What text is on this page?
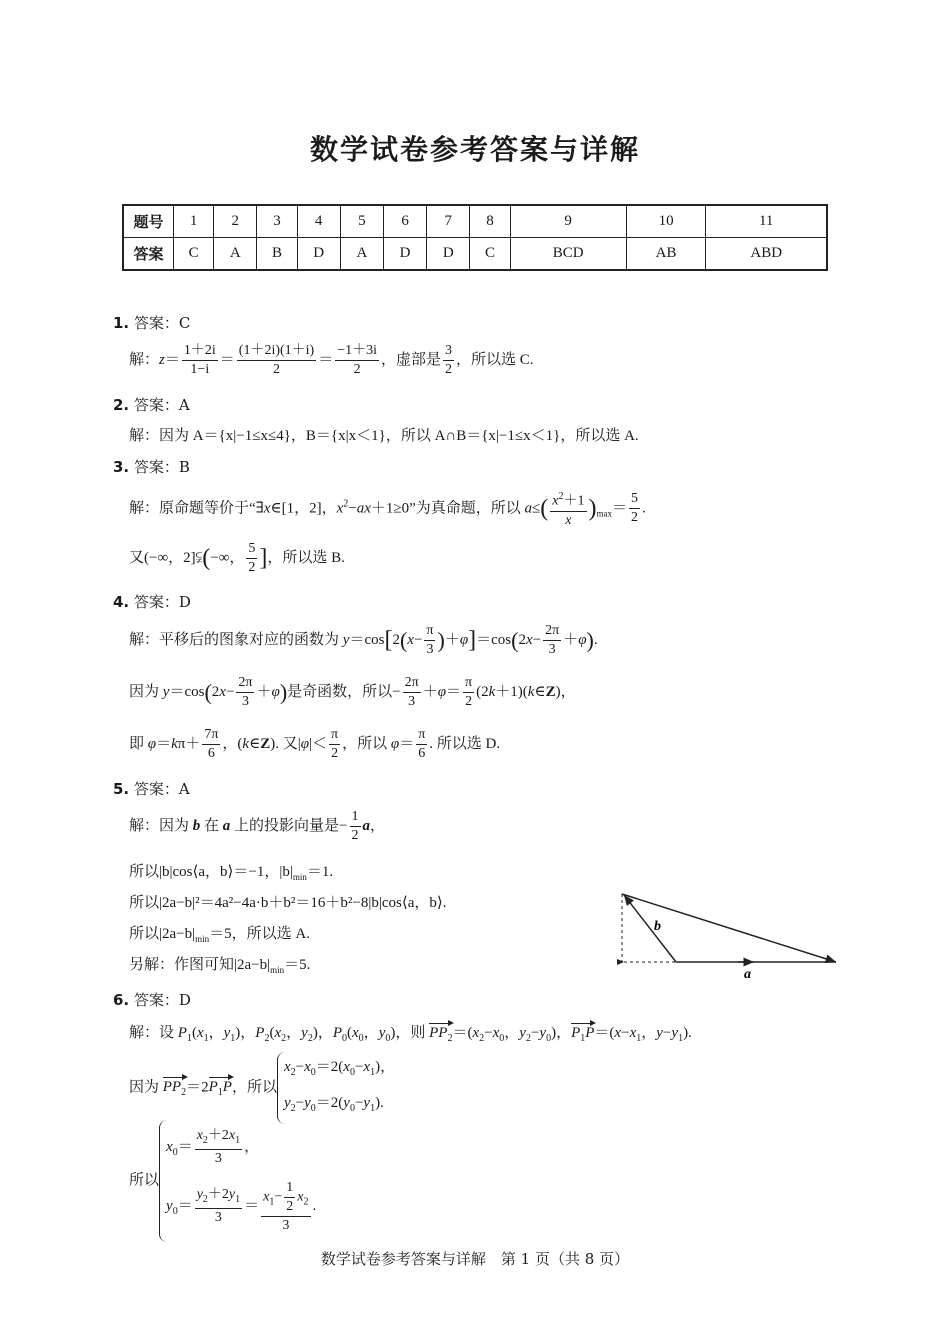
数学试卷参考答案与详解
题号	1	2	3	4	5	6	7	8	9	10	11
答案	C	A	B	D	A	D	D	C	BCD	AB	ABD
1. 答案：C
解：$z= \frac{1+2i}{1-i} = \frac{(1+2i)(1+i)}{2} = \frac{-1+3i}{2}$ ，虚部是 $\frac{3}{2}$ ，所以选 C.
2. 答案：A
解：因为 A＝{x|−1≤x≤4}，B＝{x|x＜1}，所以 A∩B＝{x|−1≤x＜1}，所以选 A.
3. 答案：B
解：原命题等价于“∃x∈[1，2]，$x^2-ax+1\ge 0$”为真命题，所以 $a\le( \frac{x^2+1}{x} )_{max}= \frac{5}{2}$ .
又(−∞，2]⫋(−∞， $\frac{5}{2}$ ]，所以选 B.
4. 答案：D
解：平移后的图象对应的函数为 $y=\cos[2(x- \frac{\pi}{3} )+\varphi]=\cos(2x- \frac{2\pi}{3} +\varphi)$.
因为 $y=\cos(2x- \frac{2\pi}{3} +\varphi)$是奇函数，所以− $\frac{2\pi}{3} +\varphi= \frac{\pi}{2}$ (2k＋1)(k∈Z)，
即 $\varphi=k\pi+ \frac{7\pi}{6}$ ，(k∈Z). 又$|\varphi|< \frac{\pi}{2}$ ，所以 $\varphi= \frac{\pi}{6}$ . 所以选 D.
5. 答案：A
解：因为 b 在 a 上的投影向量是− $\frac{1}{2}$ a，
所以|b|cos⟨a，b⟩＝−1，$|b|_{min}=1$.
所以|2a−b|²＝4a²−4a·b＋b²＝16＋b²−8|b|cos⟨a，b⟩.
所以$|2a-b|_{min}=5$，所以选 A.
另解：作图可知$|2a-b|_{min}=5$.
b
a
6. 答案：D
解：设 $P_1(x_1$，$y_1$)，$P_2(x_2$，$y_2$)，$P_0(x_0$，$y_0$)，则 $PP_2=(x_2-x_0$，$y_2-y_0$)，$P_1P=(x-x_1$，$y-y_1$).
因为 $PP_2=2P_1P$，所以
$x_2-x_0=2(x_0-x_1)$，
$y_2-y_0=2(y_0-y_1)$.
所以
$x_0= \frac{x_2+2x_1}{3}$ ，
$y_0= \frac{y_2+2y_1}{3} = \frac{x_1- \frac{1}{2} x_2}{3}$ .
数学试卷参考答案与详解　第 1 页（共 8 页）
